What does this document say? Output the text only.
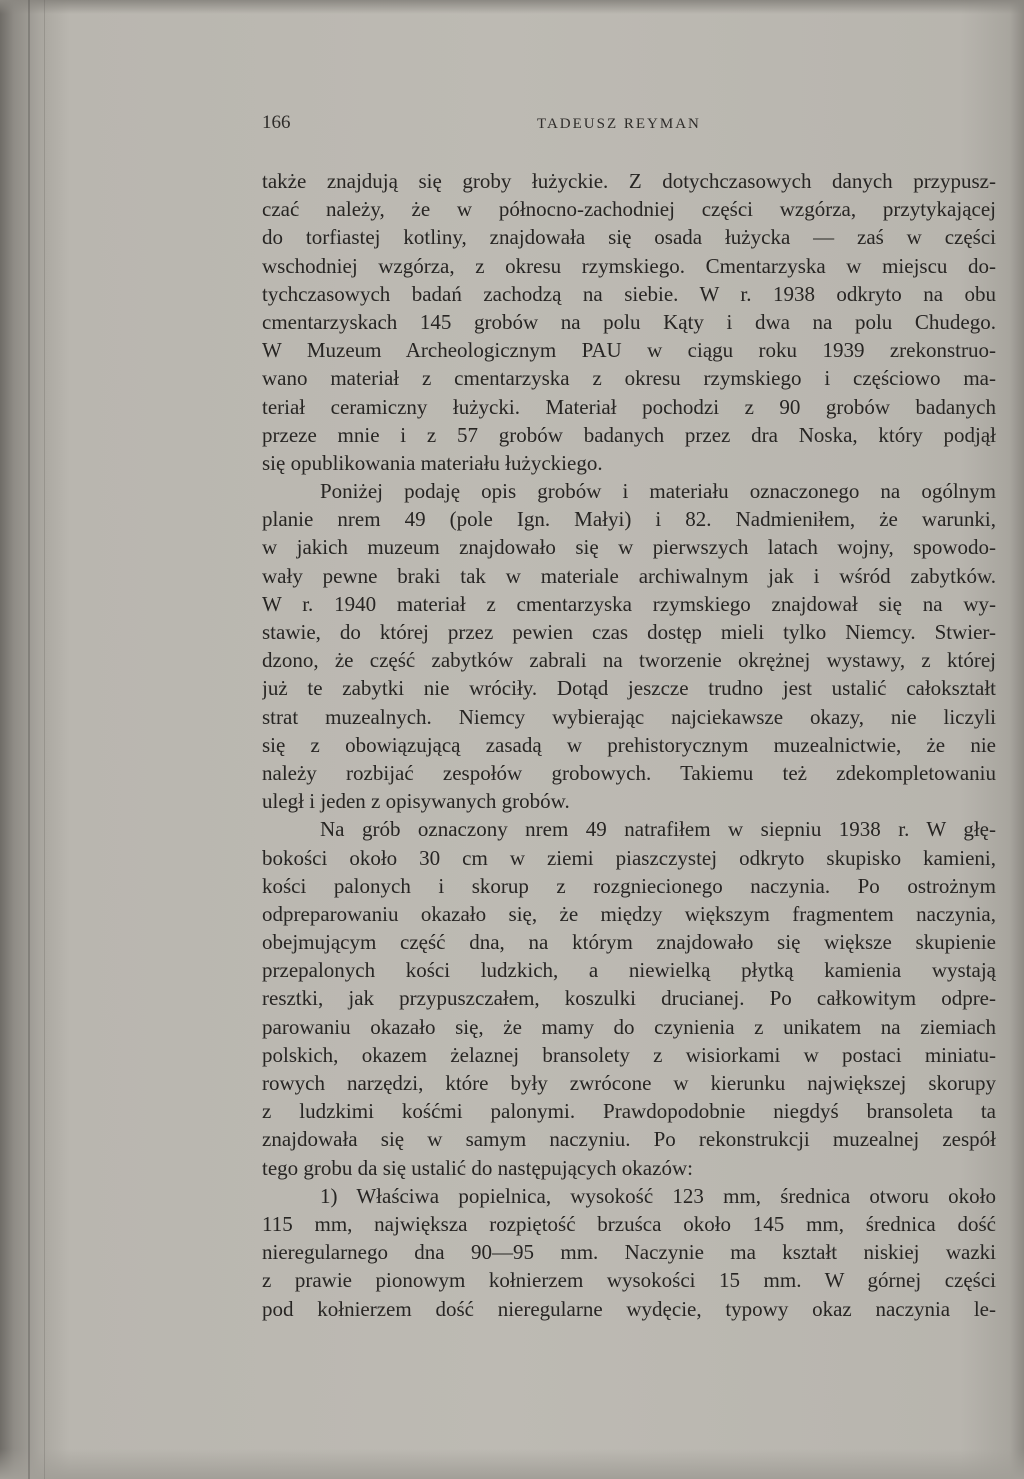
166	TADEUSZ REYMAN
także znajdują się groby łużyckie. Z dotychczasowych danych przypusz-
czać należy, że w północno-zachodniej części wzgórza, przytykającej
do torfiastej kotliny, znajdowała się osada łużycka — zaś w części
wschodniej wzgórza, z okresu rzymskiego. Cmentarzyska w miejscu do-
tychczasowych badań zachodzą na siebie. W r. 1938 odkryto na obu
cmentarzyskach 145 grobów na polu Kąty i dwa na polu Chudego.
W Muzeum Archeologicznym PAU w ciągu roku 1939 zrekonstruo-
wano materiał z cmentarzyska z okresu rzymskiego i częściowo ma-
teriał ceramiczny łużycki. Materiał pochodzi z 90 grobów badanych
przeze mnie i z 57 grobów badanych przez dra Noska, który podjął
się opublikowania materiału łużyckiego.
Poniżej podaję opis grobów i materiału oznaczonego na ogólnym
planie nrem 49 (pole Ign. Małyi) i 82. Nadmieniłem, że warunki,
w jakich muzeum znajdowało się w pierwszych latach wojny, spowodo-
wały pewne braki tak w materiale archiwalnym jak i wśród zabytków.
W r. 1940 materiał z cmentarzyska rzymskiego znajdował się na wy-
stawie, do której przez pewien czas dostęp mieli tylko Niemcy. Stwier-
dzono, że część zabytków zabrali na tworzenie okrężnej wystawy, z której
już te zabytki nie wróciły. Dotąd jeszcze trudno jest ustalić całokształt
strat muzealnych. Niemcy wybierając najciekawsze okazy, nie liczyli
się z obowiązującą zasadą w prehistorycznym muzealnictwie, że nie
należy rozbijać zespołów grobowych. Takiemu też zdekompletowaniu
uległ i jeden z opisywanych grobów.
Na grób oznaczony nrem 49 natrafiłem w siepniu 1938 r. W głę-
bokości około 30 cm w ziemi piaszczystej odkryto skupisko kamieni,
kości palonych i skorup z rozgniecionego naczynia. Po ostrożnym
odpreparowaniu okazało się, że między większym fragmentem naczynia,
obejmującym część dna, na którym znajdowało się większe skupienie
przepalonych kości ludzkich, a niewielką płytką kamienia wystają
resztki, jak przypuszczałem, koszulki drucianej. Po całkowitym odpre-
parowaniu okazało się, że mamy do czynienia z unikatem na ziemiach
polskich, okazem żelaznej bransolety z wisiorkami w postaci miniatu-
rowych narzędzi, które były zwrócone w kierunku największej skorupy
z ludzkimi kośćmi palonymi. Prawdopodobnie niegdyś bransoleta ta
znajdowała się w samym naczyniu. Po rekonstrukcji muzealnej zespół
tego grobu da się ustalić do następujących okazów:
1) Właściwa popielnica, wysokość 123 mm, średnica otworu około
115 mm, największa rozpiętość brzuśca około 145 mm, średnica dość
nieregularnego dna 90—95 mm. Naczynie ma kształt niskiej wazki
z prawie pionowym kołnierzem wysokości 15 mm. W górnej części
pod kołnierzem dość nieregularne wydęcie, typowy okaz naczynia le-
